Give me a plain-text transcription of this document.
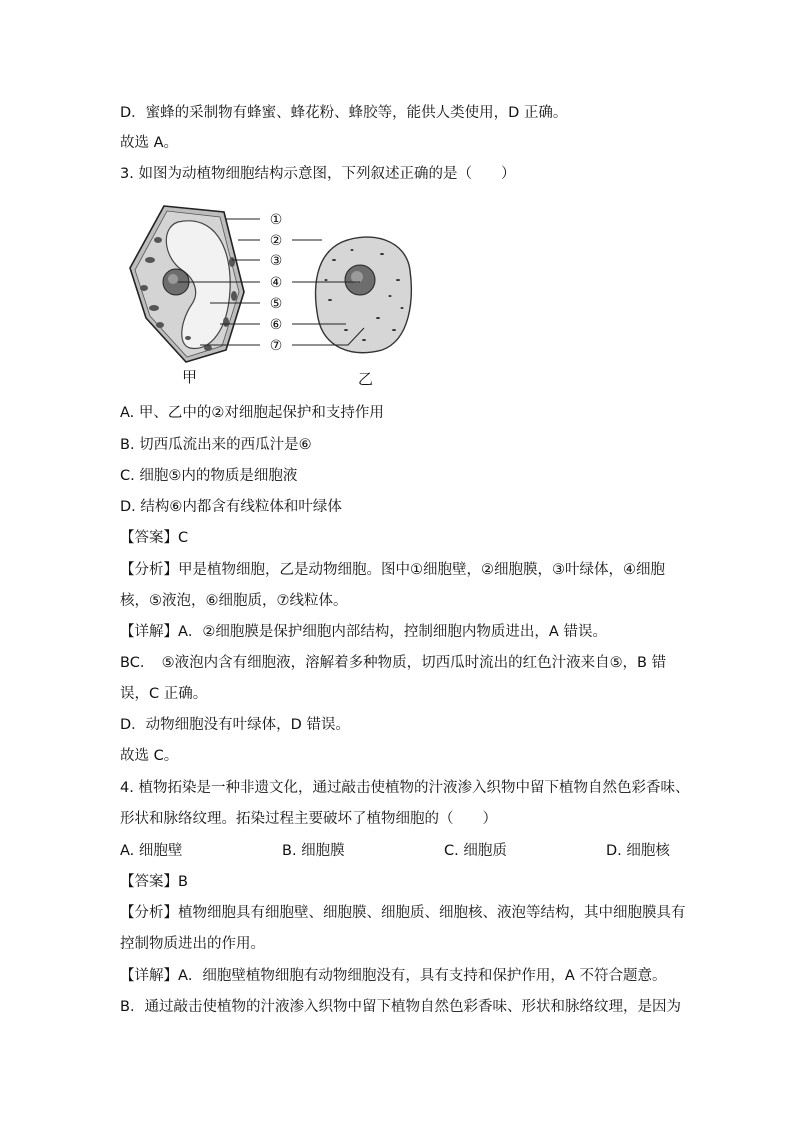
D．蜜蜂的采制物有蜂蜜、蜂花粉、蜂胶等，能供人类使用，D 正确。
故选 A。
3. 如图为动植物细胞结构示意图，下列叙述正确的是（　　）
①
②
③
④
⑤
⑥
⑦
甲	乙
A. 甲、乙中的②对细胞起保护和支持作用
B. 切西瓜流出来的西瓜汁是⑥
C. 细胞⑤内的物质是细胞液
D. 结构⑥内都含有线粒体和叶绿体
【答案】C
【分析】甲是植物细胞，乙是动物细胞。图中①细胞壁，②细胞膜，③叶绿体，④细胞
核，⑤液泡，⑥细胞质，⑦线粒体。
【详解】A．②细胞膜是保护细胞内部结构，控制细胞内物质进出，A 错误。
BC．　⑤液泡内含有细胞液，溶解着多种物质，切西瓜时流出的红色汁液来自⑤，B 错
误，C 正确。
D．动物细胞没有叶绿体，D 错误。
故选 C。
4. 植物拓染是一种非遗文化，通过敲击使植物的汁液渗入织物中留下植物自然色彩香味、
形状和脉络纹理。拓染过程主要破坏了植物细胞的（　　）
A. 细胞壁	B. 细胞膜	C. 细胞质	D. 细胞核
【答案】B
【分析】植物细胞具有细胞壁、细胞膜、细胞质、细胞核、液泡等结构，其中细胞膜具有
控制物质进出的作用。
【详解】A．细胞壁植物细胞有动物细胞没有，具有支持和保护作用，A 不符合题意。
B．通过敲击使植物的汁液渗入织物中留下植物自然色彩香味、形状和脉络纹理，是因为
